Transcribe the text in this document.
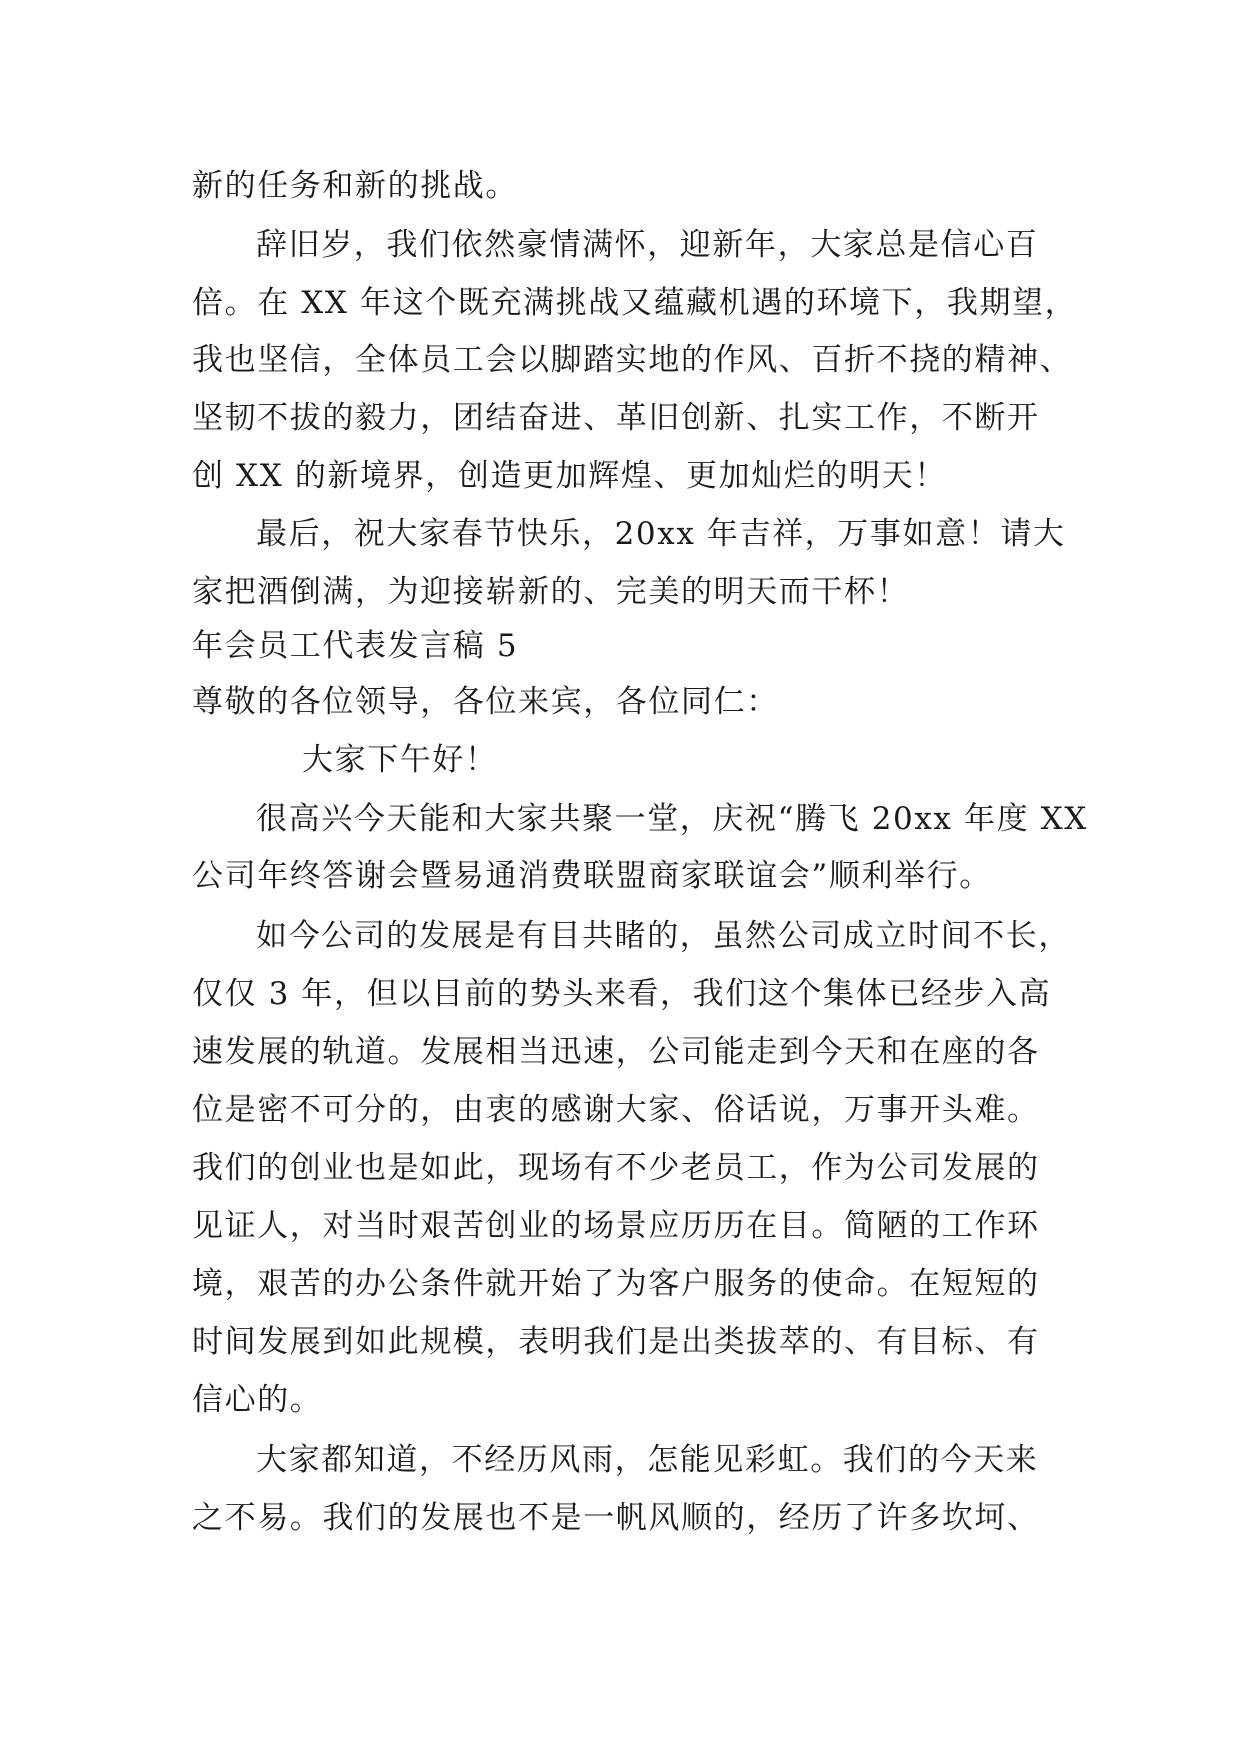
新的任务和新的挑战。
辞旧岁，我们依然豪情满怀，迎新年，大家总是信心百
倍。在 XX 年这个既充满挑战又蕴藏机遇的环境下，我期望，
我也坚信，全体员工会以脚踏实地的作风、百折不挠的精神、
坚韧不拔的毅力，团结奋进、革旧创新、扎实工作，不断开
创 XX 的新境界，创造更加辉煌、更加灿烂的明天！
最后，祝大家春节快乐，20xx 年吉祥，万事如意！请大
家把酒倒满，为迎接崭新的、完美的明天而干杯！
年会员工代表发言稿 5
尊敬的各位领导，各位来宾，各位同仁：
大家下午好！
很高兴今天能和大家共聚一堂，庆祝“腾飞 20xx 年度 XX
公司年终答谢会暨易通消费联盟商家联谊会”顺利举行。
如今公司的发展是有目共睹的，虽然公司成立时间不长，
仅仅 3 年，但以目前的势头来看，我们这个集体已经步入高
速发展的轨道。发展相当迅速，公司能走到今天和在座的各
位是密不可分的，由衷的感谢大家、俗话说，万事开头难。
我们的创业也是如此，现场有不少老员工，作为公司发展的
见证人，对当时艰苦创业的场景应历历在目。简陋的工作环
境，艰苦的办公条件就开始了为客户服务的使命。在短短的
时间发展到如此规模，表明我们是出类拔萃的、有目标、有
信心的。
大家都知道，不经历风雨，怎能见彩虹。我们的今天来
之不易。我们的发展也不是一帆风顺的，经历了许多坎坷、
